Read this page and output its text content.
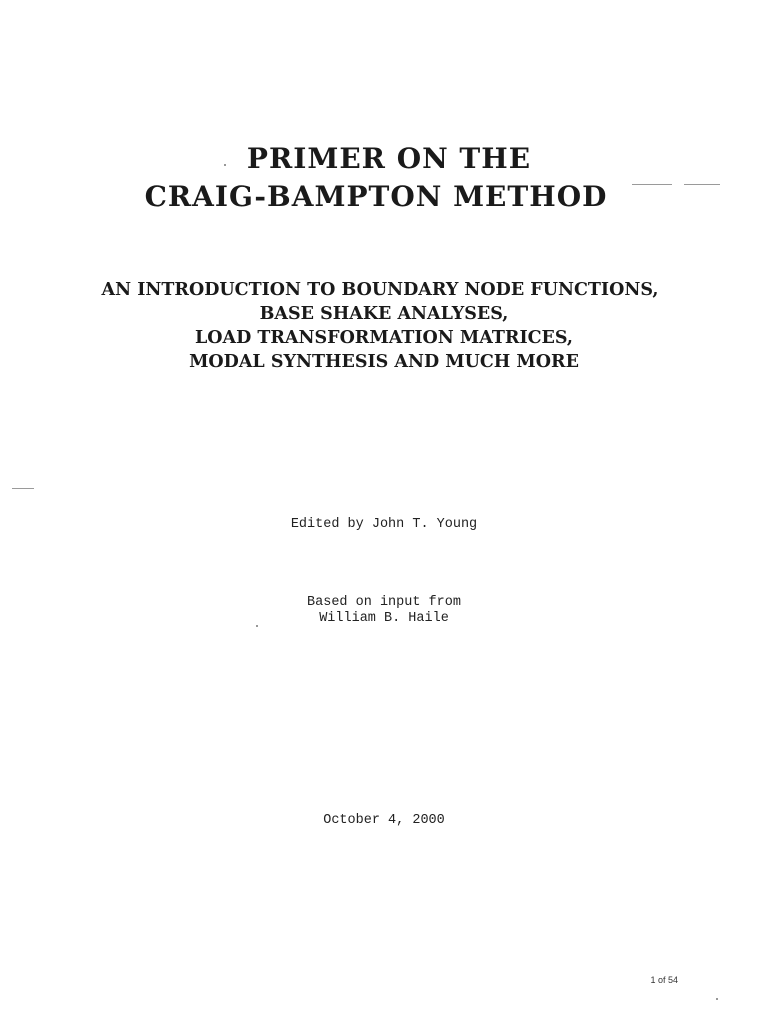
PRIMER ON THE
CRAIG-BAMPTON METHOD
AN INTRODUCTION TO BOUNDARY NODE FUNCTIONS,
BASE SHAKE ANALYSES,
LOAD TRANSFORMATION MATRICES,
MODAL SYNTHESIS AND MUCH MORE
Edited by John T. Young
Based on input from
William B. Haile
October 4, 2000
1 of 54
